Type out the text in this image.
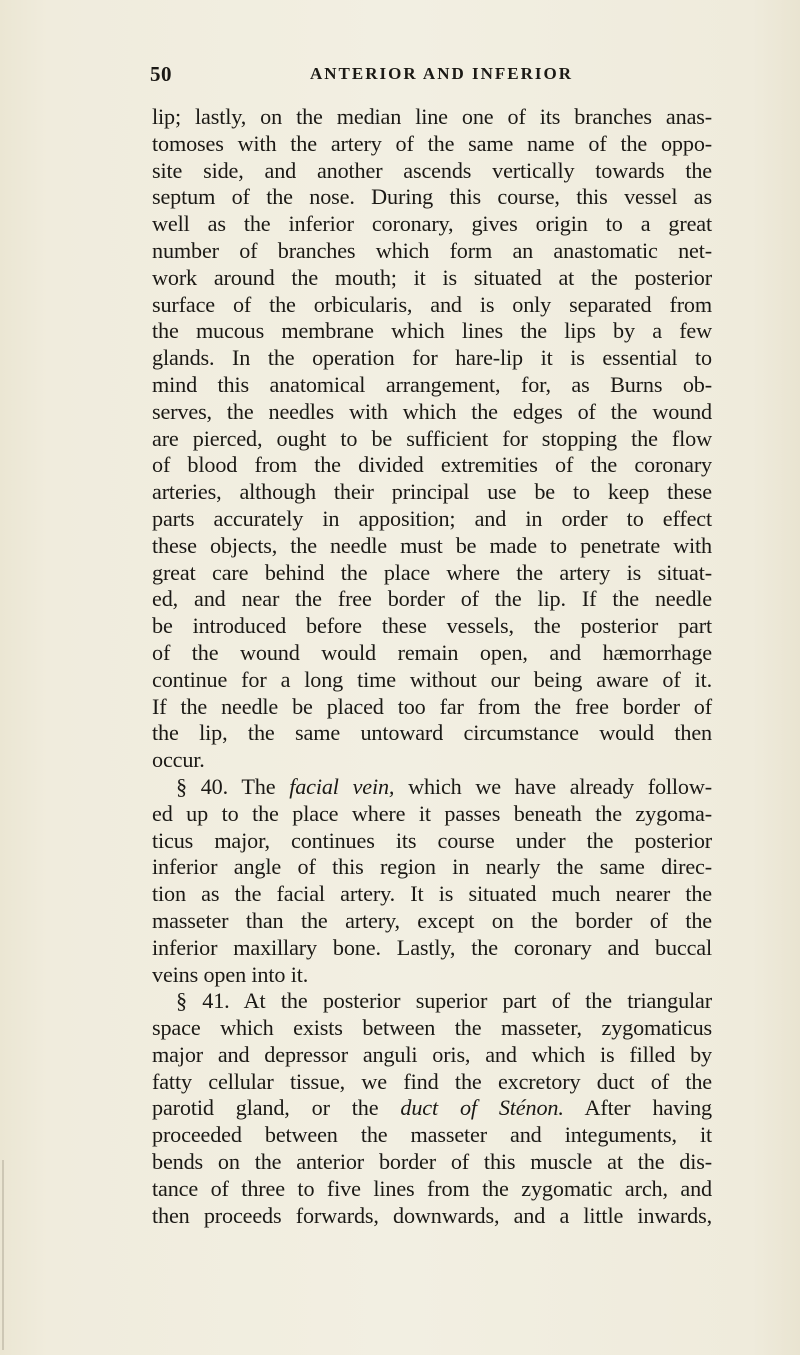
50	ANTERIOR AND INFERIOR
lip; lastly, on the median line one of its branches anas-
tomoses with the artery of the same name of the oppo-
site side, and another ascends vertically towards the
septum of the nose. During this course, this vessel as
well as the inferior coronary, gives origin to a great
number of branches which form an anastomatic net-
work around the mouth; it is situated at the posterior
surface of the orbicularis, and is only separated from
the mucous membrane which lines the lips by a few
glands. In the operation for hare-lip it is essential to
mind this anatomical arrangement, for, as Burns ob-
serves, the needles with which the edges of the wound
are pierced, ought to be sufficient for stopping the flow
of blood from the divided extremities of the coronary
arteries, although their principal use be to keep these
parts accurately in apposition; and in order to effect
these objects, the needle must be made to penetrate with
great care behind the place where the artery is situat-
ed, and near the free border of the lip. If the needle
be introduced before these vessels, the posterior part
of the wound would remain open, and hæmorrhage
continue for a long time without our being aware of it.
If the needle be placed too far from the free border of
the lip, the same untoward circumstance would then
occur.
§ 40. The facial vein, which we have already follow-
ed up to the place where it passes beneath the zygoma-
ticus major, continues its course under the posterior
inferior angle of this region in nearly the same direc-
tion as the facial artery. It is situated much nearer the
masseter than the artery, except on the border of the
inferior maxillary bone. Lastly, the coronary and buccal
veins open into it.
§ 41. At the posterior superior part of the triangular
space which exists between the masseter, zygomaticus
major and depressor anguli oris, and which is filled by
fatty cellular tissue, we find the excretory duct of the
parotid gland, or the duct of Sténon. After having
proceeded between the masseter and integuments, it
bends on the anterior border of this muscle at the dis-
tance of three to five lines from the zygomatic arch, and
then proceeds forwards, downwards, and a little inwards,
